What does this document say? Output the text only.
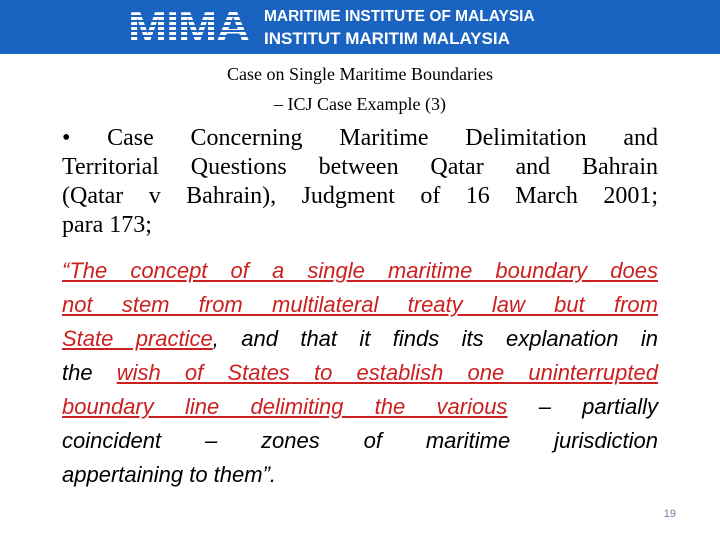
MIMA MARITIME INSTITUTE OF MALAYSIA
INSTITUT MARITIM MALAYSIA
Case on Single Maritime Boundaries
– ICJ Case Example (3)
• Case Concerning Maritime Delimitation and
Territorial Questions between Qatar and Bahrain
(Qatar v Bahrain), Judgment of 16 March 2001;
para 173;
“The concept of a single maritime boundary does
not stem from multilateral treaty law but from
State practice, and that it finds its explanation in
the wish of States to establish one uninterrupted
boundary line delimiting the various – partially
coincident – zones of maritime jurisdiction
appertaining to them”.
19
